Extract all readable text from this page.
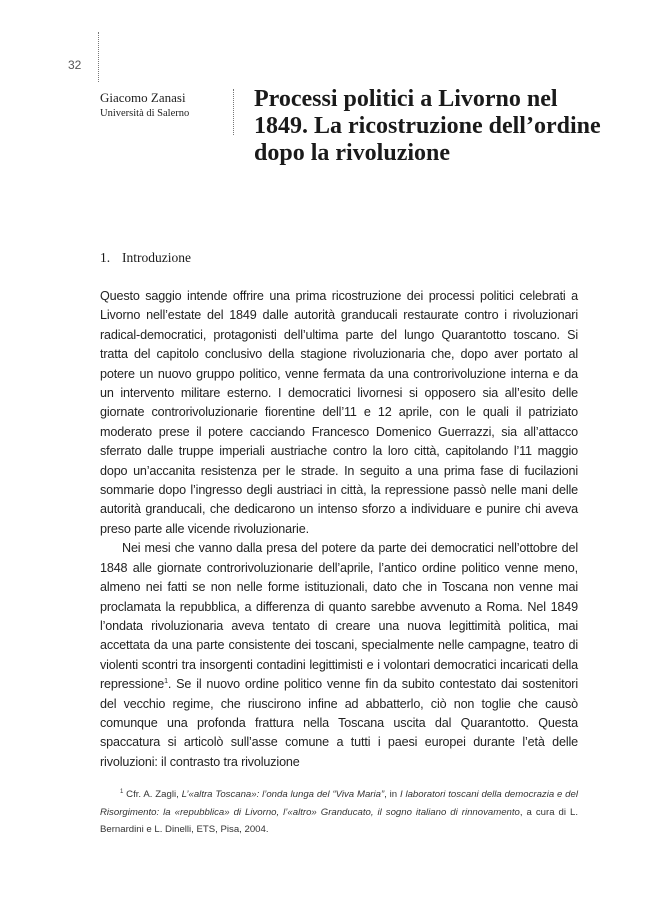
32
Giacomo Zanasi
Università di Salerno
Processi politici a Livorno nel 1849. La ricostruzione dell’ordine dopo la rivoluzione
1. Introduzione

Questo saggio intende offrire una prima ricostruzione dei processi politici celebrati a Livorno nell’estate del 1849 dalle autorità granducali restaurate contro i rivoluzionari radical-democratici, protagonisti dell’ultima parte del lungo Quarantotto toscano. Si tratta del capitolo conclusivo della stagione rivoluzionaria che, dopo aver portato al potere un nuovo gruppo politico, venne fermata da una controrivoluzione interna e da un intervento militare esterno. I democratici livornesi si opposero sia all’esito delle giornate controrivoluzionarie fiorentine dell’11 e 12 aprile, con le quali il patriziato moderato prese il potere cacciando Francesco Domenico Guerrazzi, sia all’attacco sferrato dalle truppe imperiali austriache contro la loro città, capitolando l’11 maggio dopo un’accanita resistenza per le strade. In seguito a una prima fase di fucilazioni sommarie dopo l’ingresso degli austriaci in città, la repressione passò nelle mani delle autorità granducali, che dedicarono un intenso sforzo a individuare e punire chi aveva preso parte alle vicende rivoluzionarie.

Nei mesi che vanno dalla presa del potere da parte dei democratici nell’ottobre del 1848 alle giornate controrivoluzionarie dell’aprile, l’antico ordine politico venne meno, almeno nei fatti se non nelle forme istituzionali, dato che in Toscana non venne mai proclamata la repubblica, a differenza di quanto sarebbe avvenuto a Roma. Nel 1849 l’ondata rivoluzionaria aveva tentato di creare una nuova legittimità politica, mai accettata da una parte consistente dei toscani, specialmente nelle campagne, teatro di violenti scontri tra insorgenti contadini legittimisti e i volontari democratici incaricati della repressione$^1$. Se il nuovo ordine politico venne fin da subito contestato dai sostenitori del vecchio regime, che riuscirono infine ad abbatterlo, ciò non toglie che causò comunque una profonda frattura nella Toscana uscita dal Quarantotto. Questa spaccatura si articolò sull’asse comune a tutti i paesi europei durante l’età delle rivoluzioni: il contrasto tra rivoluzione

$^1$ Cfr. A. Zagli, L’«altra Toscana»: l’onda lunga del “Viva Maria”, in I laboratori toscani della democrazia e del Risorgimento: la «repubblica» di Livorno, l’«altro» Granducato, il sogno italiano di rinnovamento, a cura di L. Bernardini e L. Dinelli, ETS, Pisa, 2004.
